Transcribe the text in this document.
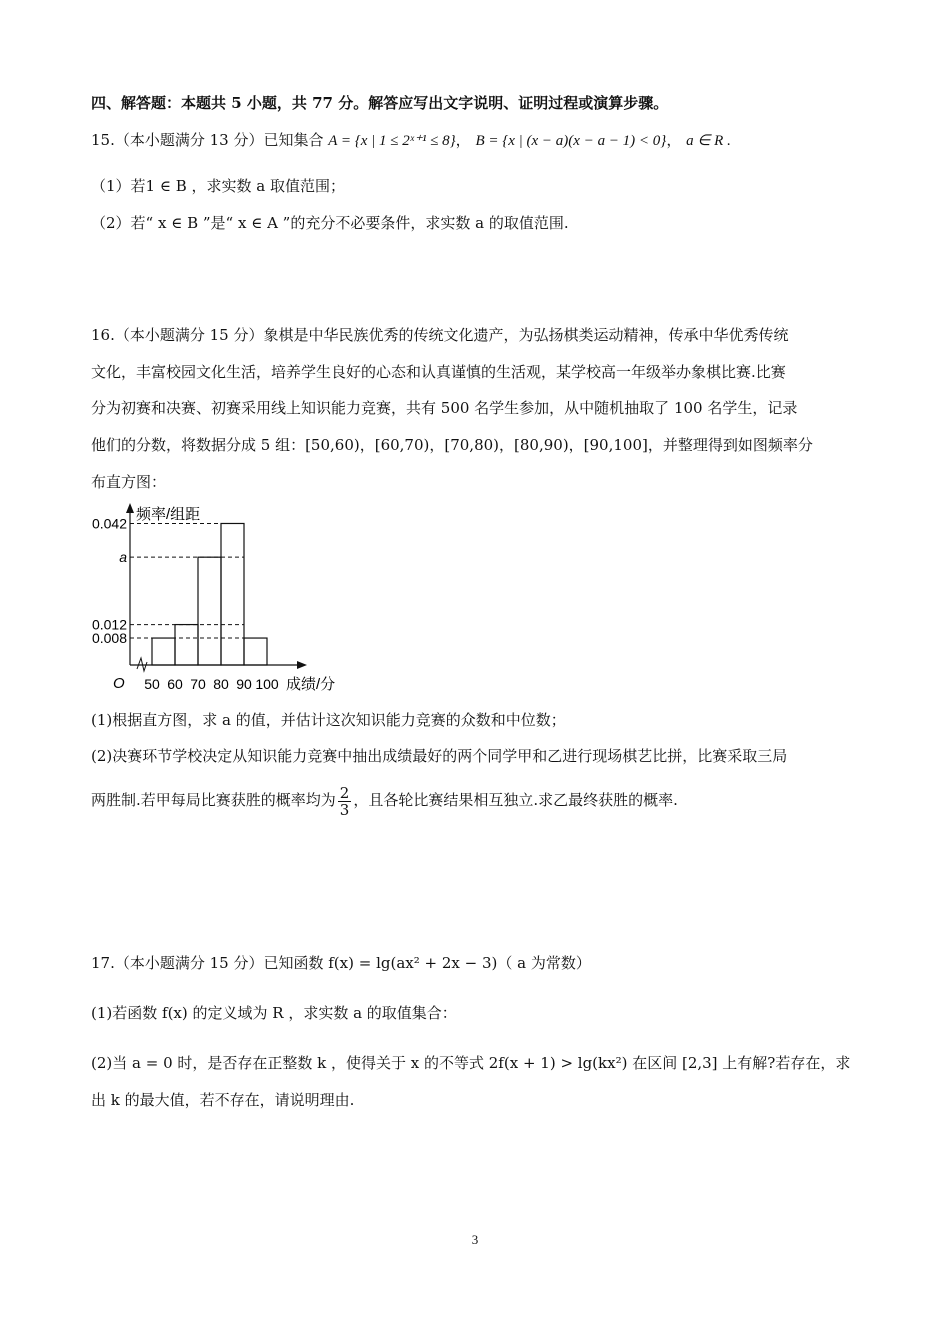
四、解答题：本题共 5 小题，共 77 分。解答应写出文字说明、证明过程或演算步骤。
15.（本小题满分 13 分）已知集合 A = {x | 1 ≤ 2ˣ⁺¹ ≤ 8}， B = {x | (x − a)(x − a − 1) < 0}， a ∈ R .
（1）若1 ∈ B ，求实数 a 取值范围；
（2）若“ x ∈ B ”是“ x ∈ A ”的充分不必要条件，求实数 a 的取值范围.
16.（本小题满分 15 分）象棋是中华民族优秀的传统文化遗产，为弘扬棋类运动精神，传承中华优秀传统
文化，丰富校园文化生活，培养学生良好的心态和认真谨慎的生活观，某学校高一年级举办象棋比赛.比赛
分为初赛和决赛、初赛采用线上知识能力竞赛，共有 500 名学生参加，从中随机抽取了 100 名学生，记录
他们的分数，将数据分成 5 组：[50,60)，[60,70)，[70,80)，[80,90)，[90,100]，并整理得到如图频率分
布直方图：
0.042
a
0.012
0.008
频率/组距
成绩/分
O 50 60 70 80 90 100
(1)根据直方图，求 a 的值，并估计这次知识能力竞赛的众数和中位数；
(2)决赛环节学校决定从知识能力竞赛中抽出成绩最好的两个同学甲和乙进行现场棋艺比拼，比赛采取三局
两胜制.若甲每局比赛获胜的概率均为 $\frac{2}{3}$ ，且各轮比赛结果相互独立.求乙最终获胜的概率.
17.（本小题满分 15 分）已知函数 f(x) = lg(ax² + 2x − 3)（ a 为常数）
(1)若函数 f(x) 的定义域为 R ，求实数 a 的取值集合：
(2)当 a = 0 时，是否存在正整数 k ，使得关于 x 的不等式 2f(x + 1) > lg(kx²) 在区间 [2,3] 上有解?若存在，求
出 k 的最大值，若不存在，请说明理由.
3
